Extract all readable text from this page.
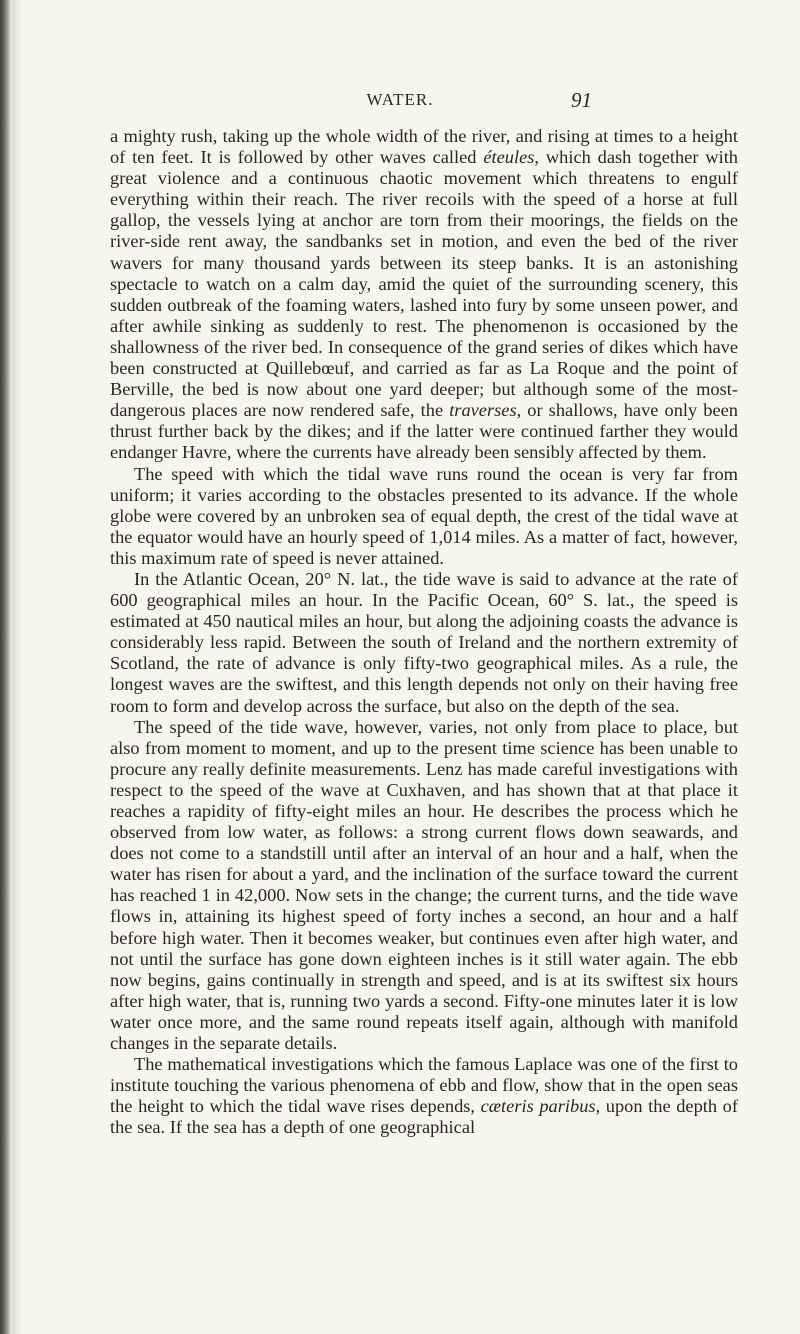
WATER.	91

a mighty rush, taking up the whole width of the river, and rising at times to a height of ten feet. It is followed by other waves called éteules, which dash together with great violence and a continuous chaotic movement which threatens to engulf everything within their reach. The river recoils with the speed of a horse at full gallop, the vessels lying at anchor are torn from their moorings, the fields on the river-side rent away, the sandbanks set in motion, and even the bed of the river wavers for many thousand yards between its steep banks. It is an astonishing spectacle to watch on a calm day, amid the quiet of the surrounding scenery, this sudden outbreak of the foaming waters, lashed into fury by some unseen power, and after awhile sinking as suddenly to rest. The phenomenon is occasioned by the shallowness of the river bed. In consequence of the grand series of dikes which have been constructed at Quillebœuf, and carried as far as La Roque and the point of Berville, the bed is now about one yard deeper; but although some of the most-dangerous places are now rendered safe, the traverses, or shallows, have only been thrust further back by the dikes; and if the latter were continued farther they would endanger Havre, where the currents have already been sensibly affected by them.

The speed with which the tidal wave runs round the ocean is very far from uniform; it varies according to the obstacles presented to its advance. If the whole globe were covered by an unbroken sea of equal depth, the crest of the tidal wave at the equator would have an hourly speed of 1,014 miles. As a matter of fact, however, this maximum rate of speed is never attained.

In the Atlantic Ocean, 20° N. lat., the tide wave is said to advance at the rate of 600 geographical miles an hour. In the Pacific Ocean, 60° S. lat., the speed is estimated at 450 nautical miles an hour, but along the adjoining coasts the advance is considerably less rapid. Between the south of Ireland and the northern extremity of Scotland, the rate of advance is only fifty-two geographical miles. As a rule, the longest waves are the swiftest, and this length depends not only on their having free room to form and develop across the surface, but also on the depth of the sea.

The speed of the tide wave, however, varies, not only from place to place, but also from moment to moment, and up to the present time science has been unable to procure any really definite measurements. Lenz has made careful investigations with respect to the speed of the wave at Cuxhaven, and has shown that at that place it reaches a rapidity of fifty-eight miles an hour. He describes the process which he observed from low water, as follows: a strong current flows down seawards, and does not come to a standstill until after an interval of an hour and a half, when the water has risen for about a yard, and the inclination of the surface toward the current has reached 1 in 42,000. Now sets in the change; the current turns, and the tide wave flows in, attaining its highest speed of forty inches a second, an hour and a half before high water. Then it becomes weaker, but continues even after high water, and not until the surface has gone down eighteen inches is it still water again. The ebb now begins, gains continually in strength and speed, and is at its swiftest six hours after high water, that is, running two yards a second. Fifty-one minutes later it is low water once more, and the same round repeats itself again, although with manifold changes in the separate details.

The mathematical investigations which the famous Laplace was one of the first to institute touching the various phenomena of ebb and flow, show that in the open seas the height to which the tidal wave rises depends, cæteris paribus, upon the depth of the sea. If the sea has a depth of one geographical
